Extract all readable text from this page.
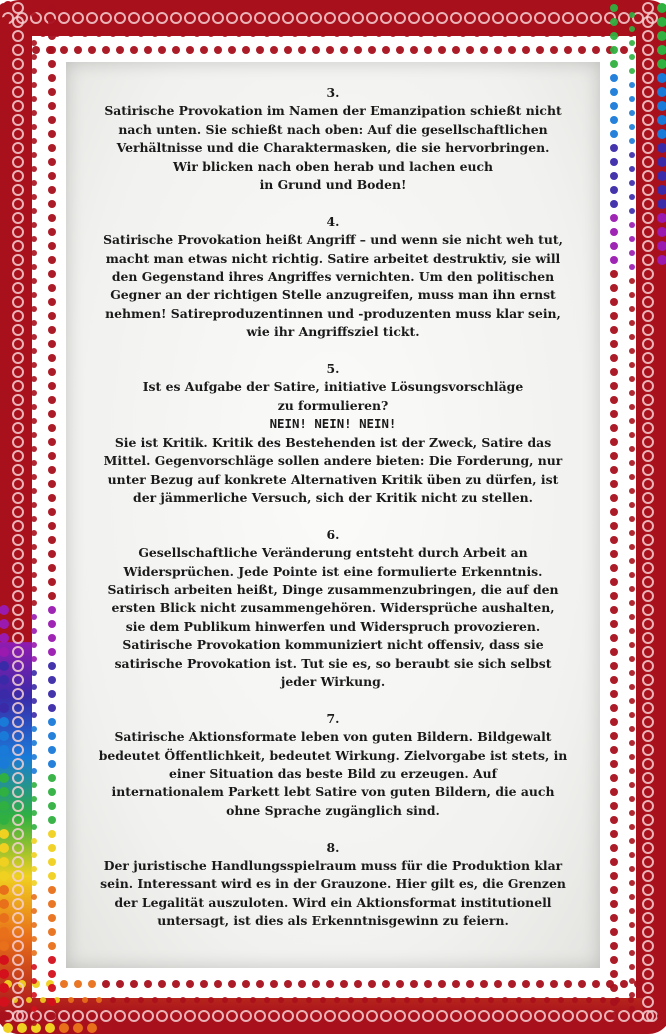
3.
Satirische Provokation im Namen der Emanzipation schießt nicht
nach unten. Sie schießt nach oben: Auf die gesellschaftlichen
Verhältnisse und die Charaktermasken, die sie hervorbringen.
Wir blicken nach oben herab und lachen euch
in Grund und Boden!
4.
Satirische Provokation heißt Angriff – und wenn sie nicht weh tut,
macht man etwas nicht richtig. Satire arbeitet destruktiv, sie will
den Gegenstand ihres Angriffes vernichten. Um den politischen
Gegner an der richtigen Stelle anzugreifen, muss man ihn ernst
nehmen! Satireproduzentinnen und -produzenten muss klar sein,
wie ihr Angriffsziel tickt.
5.
Ist es Aufgabe der Satire, initiative Lösungsvorschläge
zu formulieren?
NEIN! NEIN! NEIN!
Sie ist Kritik. Kritik des Bestehenden ist der Zweck, Satire das
Mittel. Gegenvorschläge sollen andere bieten: Die Forderung, nur
unter Bezug auf konkrete Alternativen Kritik üben zu dürfen, ist
der jämmerliche Versuch, sich der Kritik nicht zu stellen.
6.
Gesellschaftliche Veränderung entsteht durch Arbeit an
Widersprüchen. Jede Pointe ist eine formulierte Erkenntnis.
Satirisch arbeiten heißt, Dinge zusammenzubringen, die auf den
ersten Blick nicht zusammengehören. Widersprüche aushalten,
sie dem Publikum hinwerfen und Widerspruch provozieren.
Satirische Provokation kommuniziert nicht offensiv, dass sie
satirische Provokation ist. Tut sie es, so beraubt sie sich selbst
jeder Wirkung.
7.
Satirische Aktionsformate leben von guten Bildern. Bildgewalt
bedeutet Öffentlichkeit, bedeutet Wirkung. Zielvorgabe ist stets, in
einer Situation das beste Bild zu erzeugen. Auf
internationalem Parkett lebt Satire von guten Bildern, die auch
ohne Sprache zugänglich sind.
8.
Der juristische Handlungsspielraum muss für die Produktion klar
sein. Interessant wird es in der Grauzone. Hier gilt es, die Grenzen
der Legalität auszuloten. Wird ein Aktionsformat institutionell
untersagt, ist dies als Erkenntnisgewinn zu feiern.
